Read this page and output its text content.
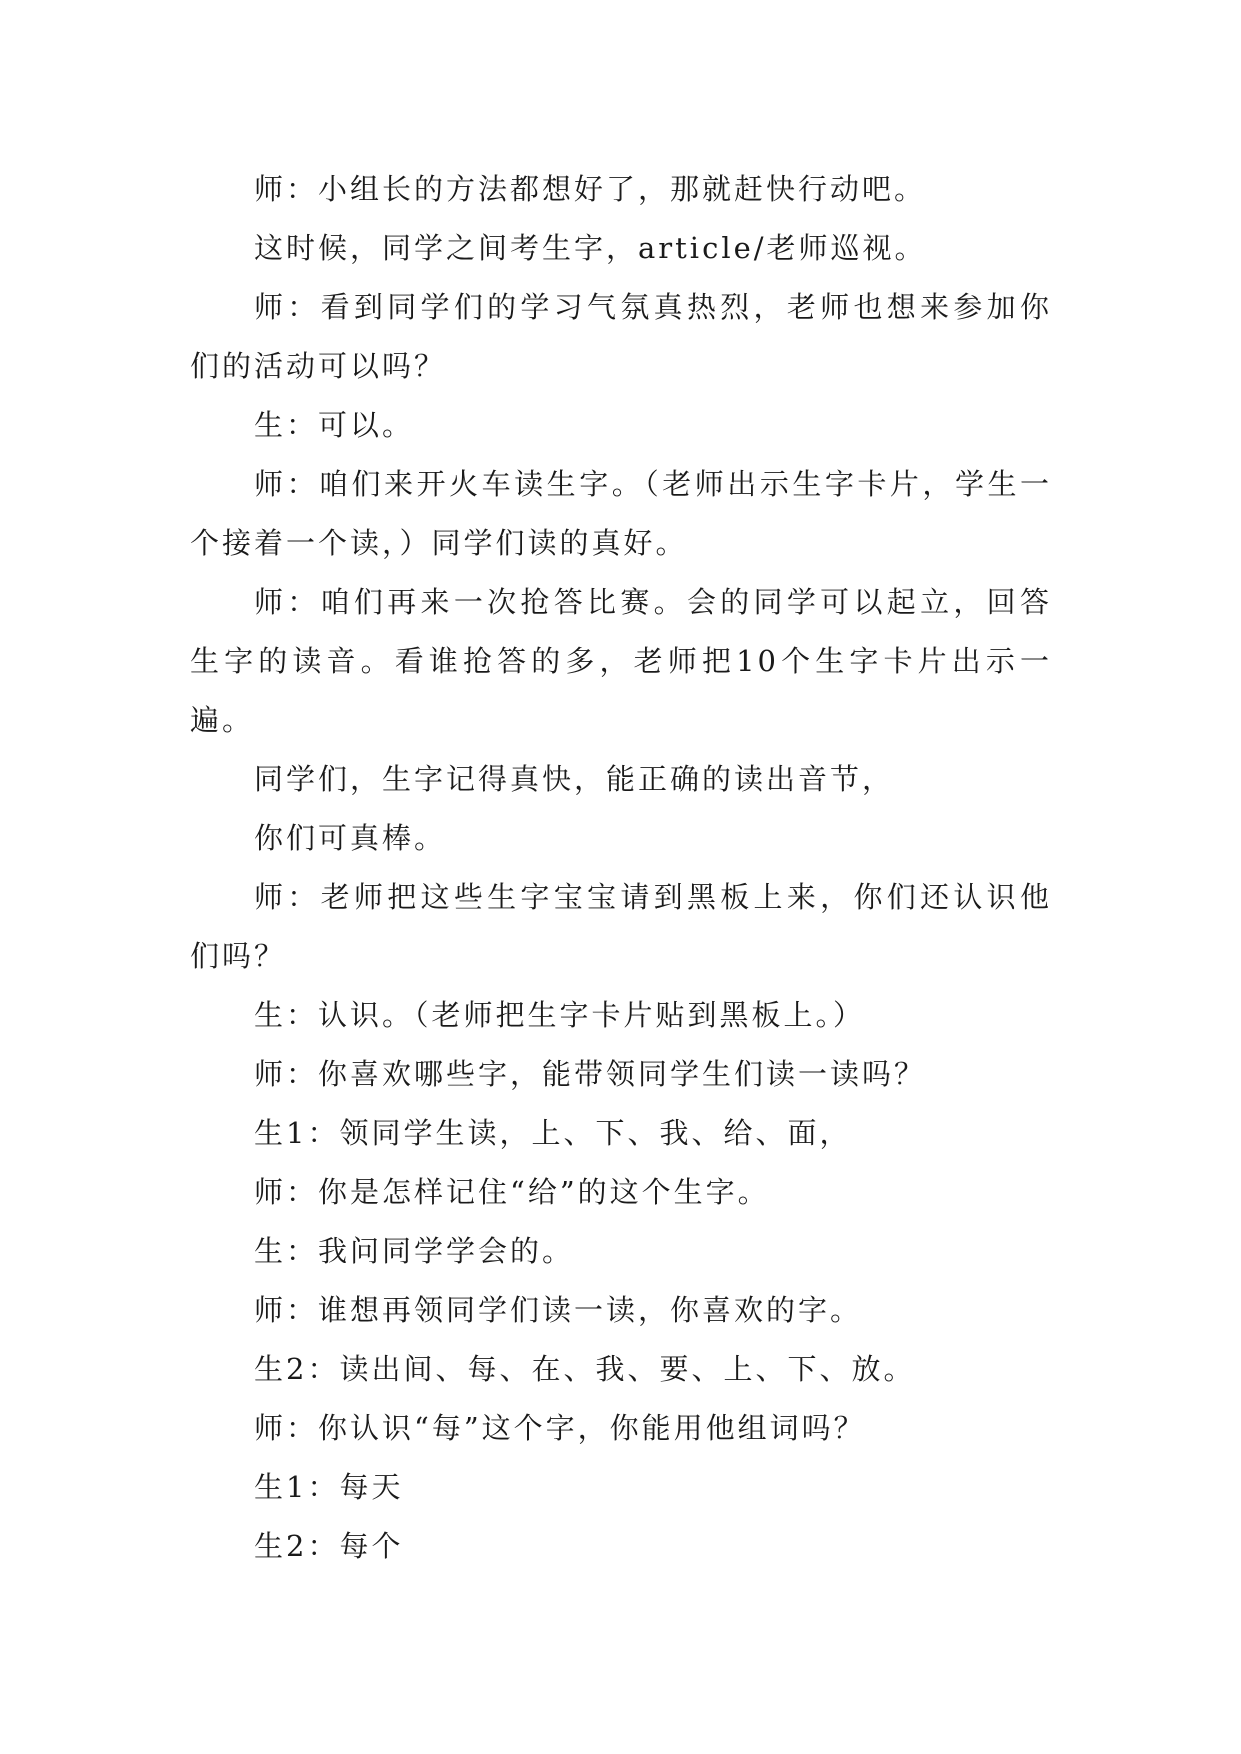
师：小组长的方法都想好了，那就赶快行动吧。

这时候，同学之间考生字，article/老师巡视。

师：看到同学们的学习气氛真热烈，老师也想来参加你们的活动可以吗？

生：可以。

师：咱们来开火车读生字。（老师出示生字卡片，学生一个接着一个读，）同学们读的真好。

师：咱们再来一次抢答比赛。会的同学可以起立，回答生字的读音。看谁抢答的多，老师把10个生字卡片出示一遍。

同学们，生字记得真快，能正确的读出音节，

你们可真棒。

师：老师把这些生字宝宝请到黑板上来，你们还认识他们吗？

生：认识。（老师把生字卡片贴到黑板上。）

师：你喜欢哪些字，能带领同学生们读一读吗？

生1：领同学生读，上、下、我、给、面，

师：你是怎样记住“给”的这个生字。

生：我问同学学会的。

师：谁想再领同学们读一读，你喜欢的字。

生2：读出间、每、在、我、要、上、下、放。

师：你认识“每”这个字，你能用他组词吗？

生1：每天

生2：每个
